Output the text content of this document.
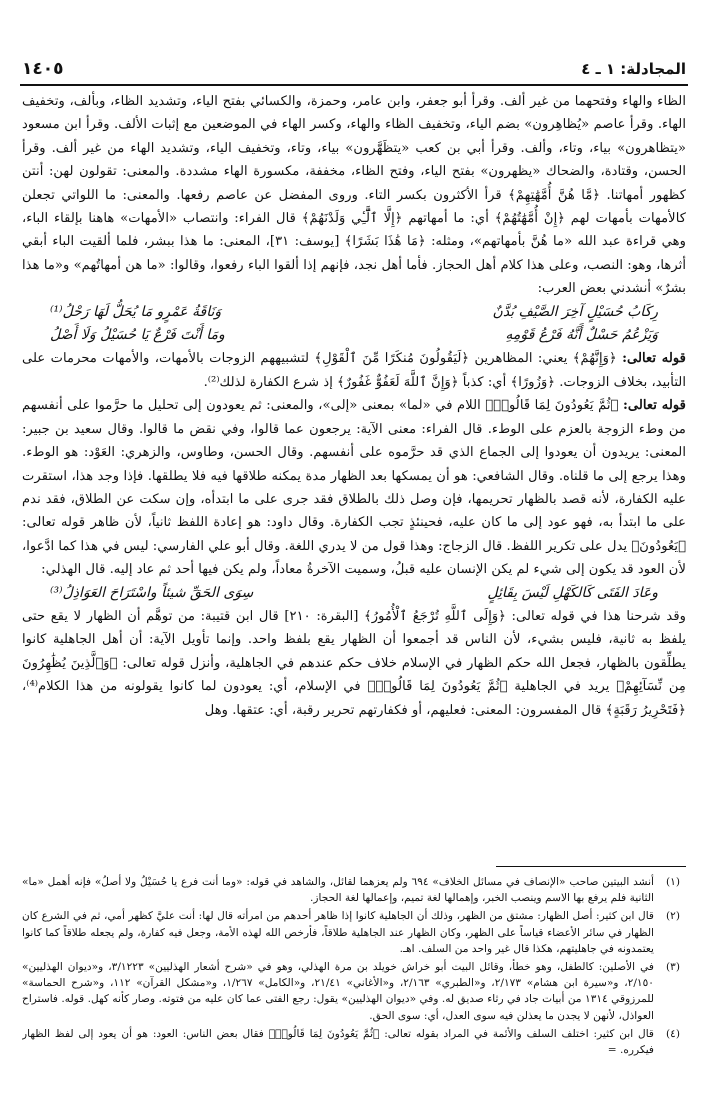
المجادلة: ١ ـ ٤
١٤٠٥

الظاء والهاء وفتحهما من غير ألف. وقرأ أبو جعفر، وابن عامر، وحمزة، والكسائي بفتح الياء، وتشديد الظاء، وبألف، وتخفيف الهاء. وقرأ عاصم «يُظاهِرون» بضم الياء، وتخفيف الظاء والهاء، وكسر الهاء في الموضعين مع إثبات الألف. وقرأ ابن مسعود «يتظاهرون» بياء، وتاء، وألف. وقرأ أبي بن كعب «يتظَهَّرون» بياء، وتاء، وتخفيف الياء، وتشديد الهاء من غير ألف. وقرأ الحسن، وقتادة، والضحاك «يظهرون» بفتح الياء، وفتح الظاء، مخففة، مكسورة الهاء مشددة. والمعنى: تقولون لهن: أنتن كظهور أمهاتنا. ﴿مَّا هُنَّ أُمَّهَٰتِهِمْ﴾ قرأ الأكثرون بكسر التاء. وروى المفضل عن عاصم رفعها. والمعنى: ما اللواتي تجعلن كالأمهات بأمهات لهم ﴿إِنْ أُمَّهَٰتُهُمْ﴾ أي: ما أمهاتهم ﴿إِلَّا ٱلَّٰٓـِٔي وَلَدْنَهُمْ﴾ قال الفراء: وانتصاب «الأمهات» هاهنا بإلقاء الباء، وهي قراءة عبد الله «ما هُنَّ بأمهاتهم»، ومثله: ﴿مَا هَٰذَا بَشَرًا﴾ [يوسف: ٣١]، المعنى: ما هذا ببشر، فلما ألقيت الباء أبقي أثرها، وهو: النصب، وعلى هذا كلام أهل الحجاز. فأما أهل نجد، فإنهم إذا ألقوا الباء رفعوا، وقالوا: «ما هن أمهاتُهم» و«ما هذا بشرٌ» أنشدني بعض العرب:

رِكَابُ حُسَيْلٍ آخِرَ الصَّيْفِ بُدَّنٌ
وَنَاقَةُ عَمْرٍو مَا يُحَلُّ لَهَا رَحْلُ⁽¹⁾
وَيَزْعُمُ حَسْلٌ أَنَّهُ فَرْعُ قَوْمِهِ
ومَا أَنْتَ فَرْعٌ يَا حُسَيْلُ وَلَا أَصْلُ

قوله تعالى: ﴿وَإِنَّهُمْ﴾ يعني: المظاهرين ﴿لَيَقُولُونَ مُنكَرًا مِّنَ ٱلْقَوْلِ﴾ لتشبيههم الزوجات بالأمهات، والأمهات محرمات على التأبيد، بخلاف الزوجات. ﴿وَزُورًا﴾ أي: كذباً ﴿وَإِنَّ ٱللَّهَ لَعَفُوٌّ غَفُورٌ﴾ إذ شرع الكفارة لذلك⁽²⁾.

قوله تعالى: ﴿ثُمَّ يَعُودُونَ لِمَا قَالُوا۟﴾ اللام في «لما» بمعنى «إلى»، والمعنى: ثم يعودون إلى تحليل ما حرَّموا على أنفسهم من وطء الزوجة بالعزم على الوطء. قال الفراء: معنى الآية: يرجعون عما قالوا، وفي نقض ما قالوا. وقال سعيد بن جبير: المعنى: يريدون أن يعودوا إلى الجماع الذي قد حرَّموه على أنفسهم. وقال الحسن، وطاوس، والزهري: العَوْد: هو الوطء. وهذا يرجع إلى ما قلناه. وقال الشافعي: هو أن يمسكها بعد الظهار مدة يمكنه طلاقها فيه فلا يطلقها. فإذا وجد هذا، استقرت عليه الكفارة، لأنه قصد بالظهار تحريمها، فإن وصل ذلك بالطلاق فقد جرى على ما ابتدأه، وإن سكت عن الطلاق، فقد ندم على ما ابتدأ به، فهو عود إلى ما كان عليه، فحينئذٍ تجب الكفارة. وقال داود: هو إعادة اللفظ ثانياً، لأن ظاهر قوله تعالى: ﴿يَعُودُونَ﴾ يدل على تكرير اللفظ. قال الزجاج: وهذا قول من لا يدري اللغة. وقال أبو علي الفارسي: ليس في هذا كما ادَّعوا، لأن العود قد يكون إلى شيء لم يكن الإنسان عليه قبلُ، وسميت الآخرةُ معاداً، ولم يكن فيها أحد ثم عاد إليه. قال الهذلي:

وعَادَ الفَتَى كَالكَهْلِ لَيْسَ بِقَائِلٍ
سِوَى الحَقِّ شيئاً واسْتَرَاحَ العَوَاذِلُ⁽³⁾

وقد شرحنا هذا في قوله تعالى: ﴿وَإِلَى ٱللَّهِ تُرْجَعُ ٱلْأُمُورُ﴾ [البقرة: ٢١٠] قال ابن قتيبة: من توهَّم أن الظهار لا يقع حتى يلفظ به ثانية، فليس بشيء، لأن الناس قد أجمعوا أن الظهار يقع بلفظ واحد. وإنما تأويل الآية: أن أهل الجاهلية كانوا يطلِّقون بالظهار، فجعل الله حكم الظهار في الإسلام خلاف حكم عندهم في الجاهلية، وأنزل قوله تعالى: ﴿وَٱلَّذِينَ يُظَٰهِرُونَ مِن نِّسَآئِهِمْ﴾ يريد في الجاهلية ﴿ثُمَّ يَعُودُونَ لِمَا قَالُوا۟﴾ في الإسلام، أي: يعودون لما كانوا يقولونه من هذا الكلام⁽⁴⁾، ﴿فَتَحْرِيرُ رَقَبَةٍ﴾ قال المفسرون: المعنى: فعليهم، أو فكفارتهم تحرير رقبة، أي: عتقها. وهل

(١)
أنشد البيتين صاحب «الإنصاف في مسائل الخلاف» ٦٩٤ ولم يعزهما لقائل، والشاهد في قوله: «وما أنت فرع يا حُسَيْلُ ولا أصلُ» فإنه أهمل «ما» الثانية فلم يرفع بها الاسم وينصب الخبر، وإهمالها لغة تميم، وإعمالها لغة الحجاز.
(٢)
قال ابن كثير: أصل الظهار: مشتق من الظهر، وذلك أن الجاهلية كانوا إذا ظاهر أحدهم من امرأته قال لها: أنت عليَّ كظهر أمي، ثم في الشرع كان الظهار في سائر الأعضاء قياساً على الظهر، وكان الظهار عند الجاهلية طلاقاً، فأرخص الله لهذه الأمة، وجعل فيه كفارة، ولم يجعله طلاقاً كما كانوا يعتمدونه في جاهليتهم، هكذا قال غير واحد من السلف. اهـ.
(٣)
في الأصلين: كالطفل، وهو خطأ، وقائل البيت أبو خراش خويلد بن مرة الهذلي، وهو في «شرح أشعار الهذليين» ٣/١٢٢٣، و«ديوان الهذليين» ٢/١٥٠، و«سيرة ابن هشام» ٢/١٧٣، و«الطبري» ٢/١٦٣، و«الأغاني» ٢١/٤١، و«الكامل» ١/٢٦٧، و«مشكل القرآن» ١١٢، و«شرح الحماسة» للمرزوقي ١٣١٤ من أبيات جاد في رثاء صديق له. وفي «ديوان الهذليين» يقول: رجع الفتى عما كان عليه من فتوته. وصار كأنه كهل. قوله. فاستراح العواذل، لأنهن لا يجدن ما يعذلن فيه سوى العدل، أي: سوى الحق.
(٤)
قال ابن كثير: اختلف السلف والأئمة في المراد بقوله تعالى: ﴿ثُمَّ يَعُودُونَ لِمَا قَالُوا۟﴾ فقال بعض الناس: العود: هو أن يعود إلى لفظ الظهار فيكرره. =
